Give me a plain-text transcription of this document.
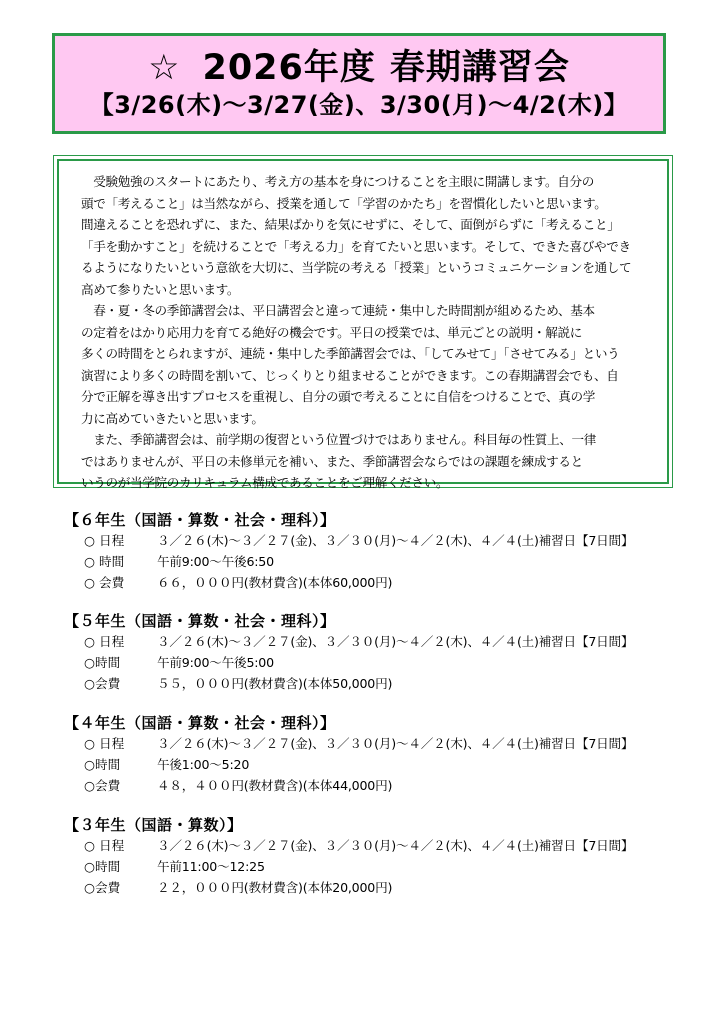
☆ 2026年度 春期講習会
【3/26(木)～3/27(金)、3/30(月)～4/2(木)】

　受験勉強のスタートにあたり、考え方の基本を身につけることを主眼に開講します。自分の

頭で「考えること」は当然ながら、授業を通して「学習のかたち」を習慣化したいと思います。

間違えることを恐れずに、また、結果ばかりを気にせずに、そして、面倒がらずに「考えること」

「手を動かすこと」を続けることで「考える力」を育てたいと思います。そして、できた喜びやでき

るようになりたいという意欲を大切に、当学院の考える「授業」というコミュニケーションを通して

高めて参りたいと思います。

　春・夏・冬の季節講習会は、平日講習会と違って連続・集中した時間割が組めるため、基本

の定着をはかり応用力を育てる絶好の機会です。平日の授業では、単元ごとの説明・解説に

多くの時間をとられますが、連続・集中した季節講習会では、「してみせて」「させてみる」という

演習により多くの時間を割いて、じっくりとり組ませることができます。この春期講習会でも、自

分で正解を導き出すプロセスを重視し、自分の頭で考えることに自信をつけることで、真の学

力に高めていきたいと思います。

　また、季節講習会は、前学期の復習という位置づけではありません。科目毎の性質上、一律

ではありませんが、平日の未修単元を補い、また、季節講習会ならではの課題を練成すると

いうのが当学院のカリキュラム構成であることをご理解ください。

【６年生（国語・算数・社会・理科）】
○ 日程	３／２６(木)～３／２７(金)、３／３０(月)～４／２(木)、４／４(土)補習日【7日間】
○ 時間	午前9:00～午後6:50
○ 会費	６６，０００円(教材費含)(本体60,000円)
【５年生（国語・算数・社会・理科）】
○ 日程	３／２６(木)～３／２７(金)、３／３０(月)～４／２(木)、４／４(土)補習日【7日間】
○時間	午前9:00～午後5:00
○会費	５５，０００円(教材費含)(本体50,000円)
【４年生（国語・算数・社会・理科）】
○ 日程	３／２６(木)～３／２７(金)、３／３０(月)～４／２(木)、４／４(土)補習日【7日間】
○時間	午後1:00～5:20
○会費	４８，４００円(教材費含)(本体44,000円)
【３年生（国語・算数）】
○ 日程	３／２６(木)～３／２７(金)、３／３０(月)～４／２(木)、４／４(土)補習日【7日間】
○時間	午前11:00～12:25
○会費	２２，０００円(教材費含)(本体20,000円)
